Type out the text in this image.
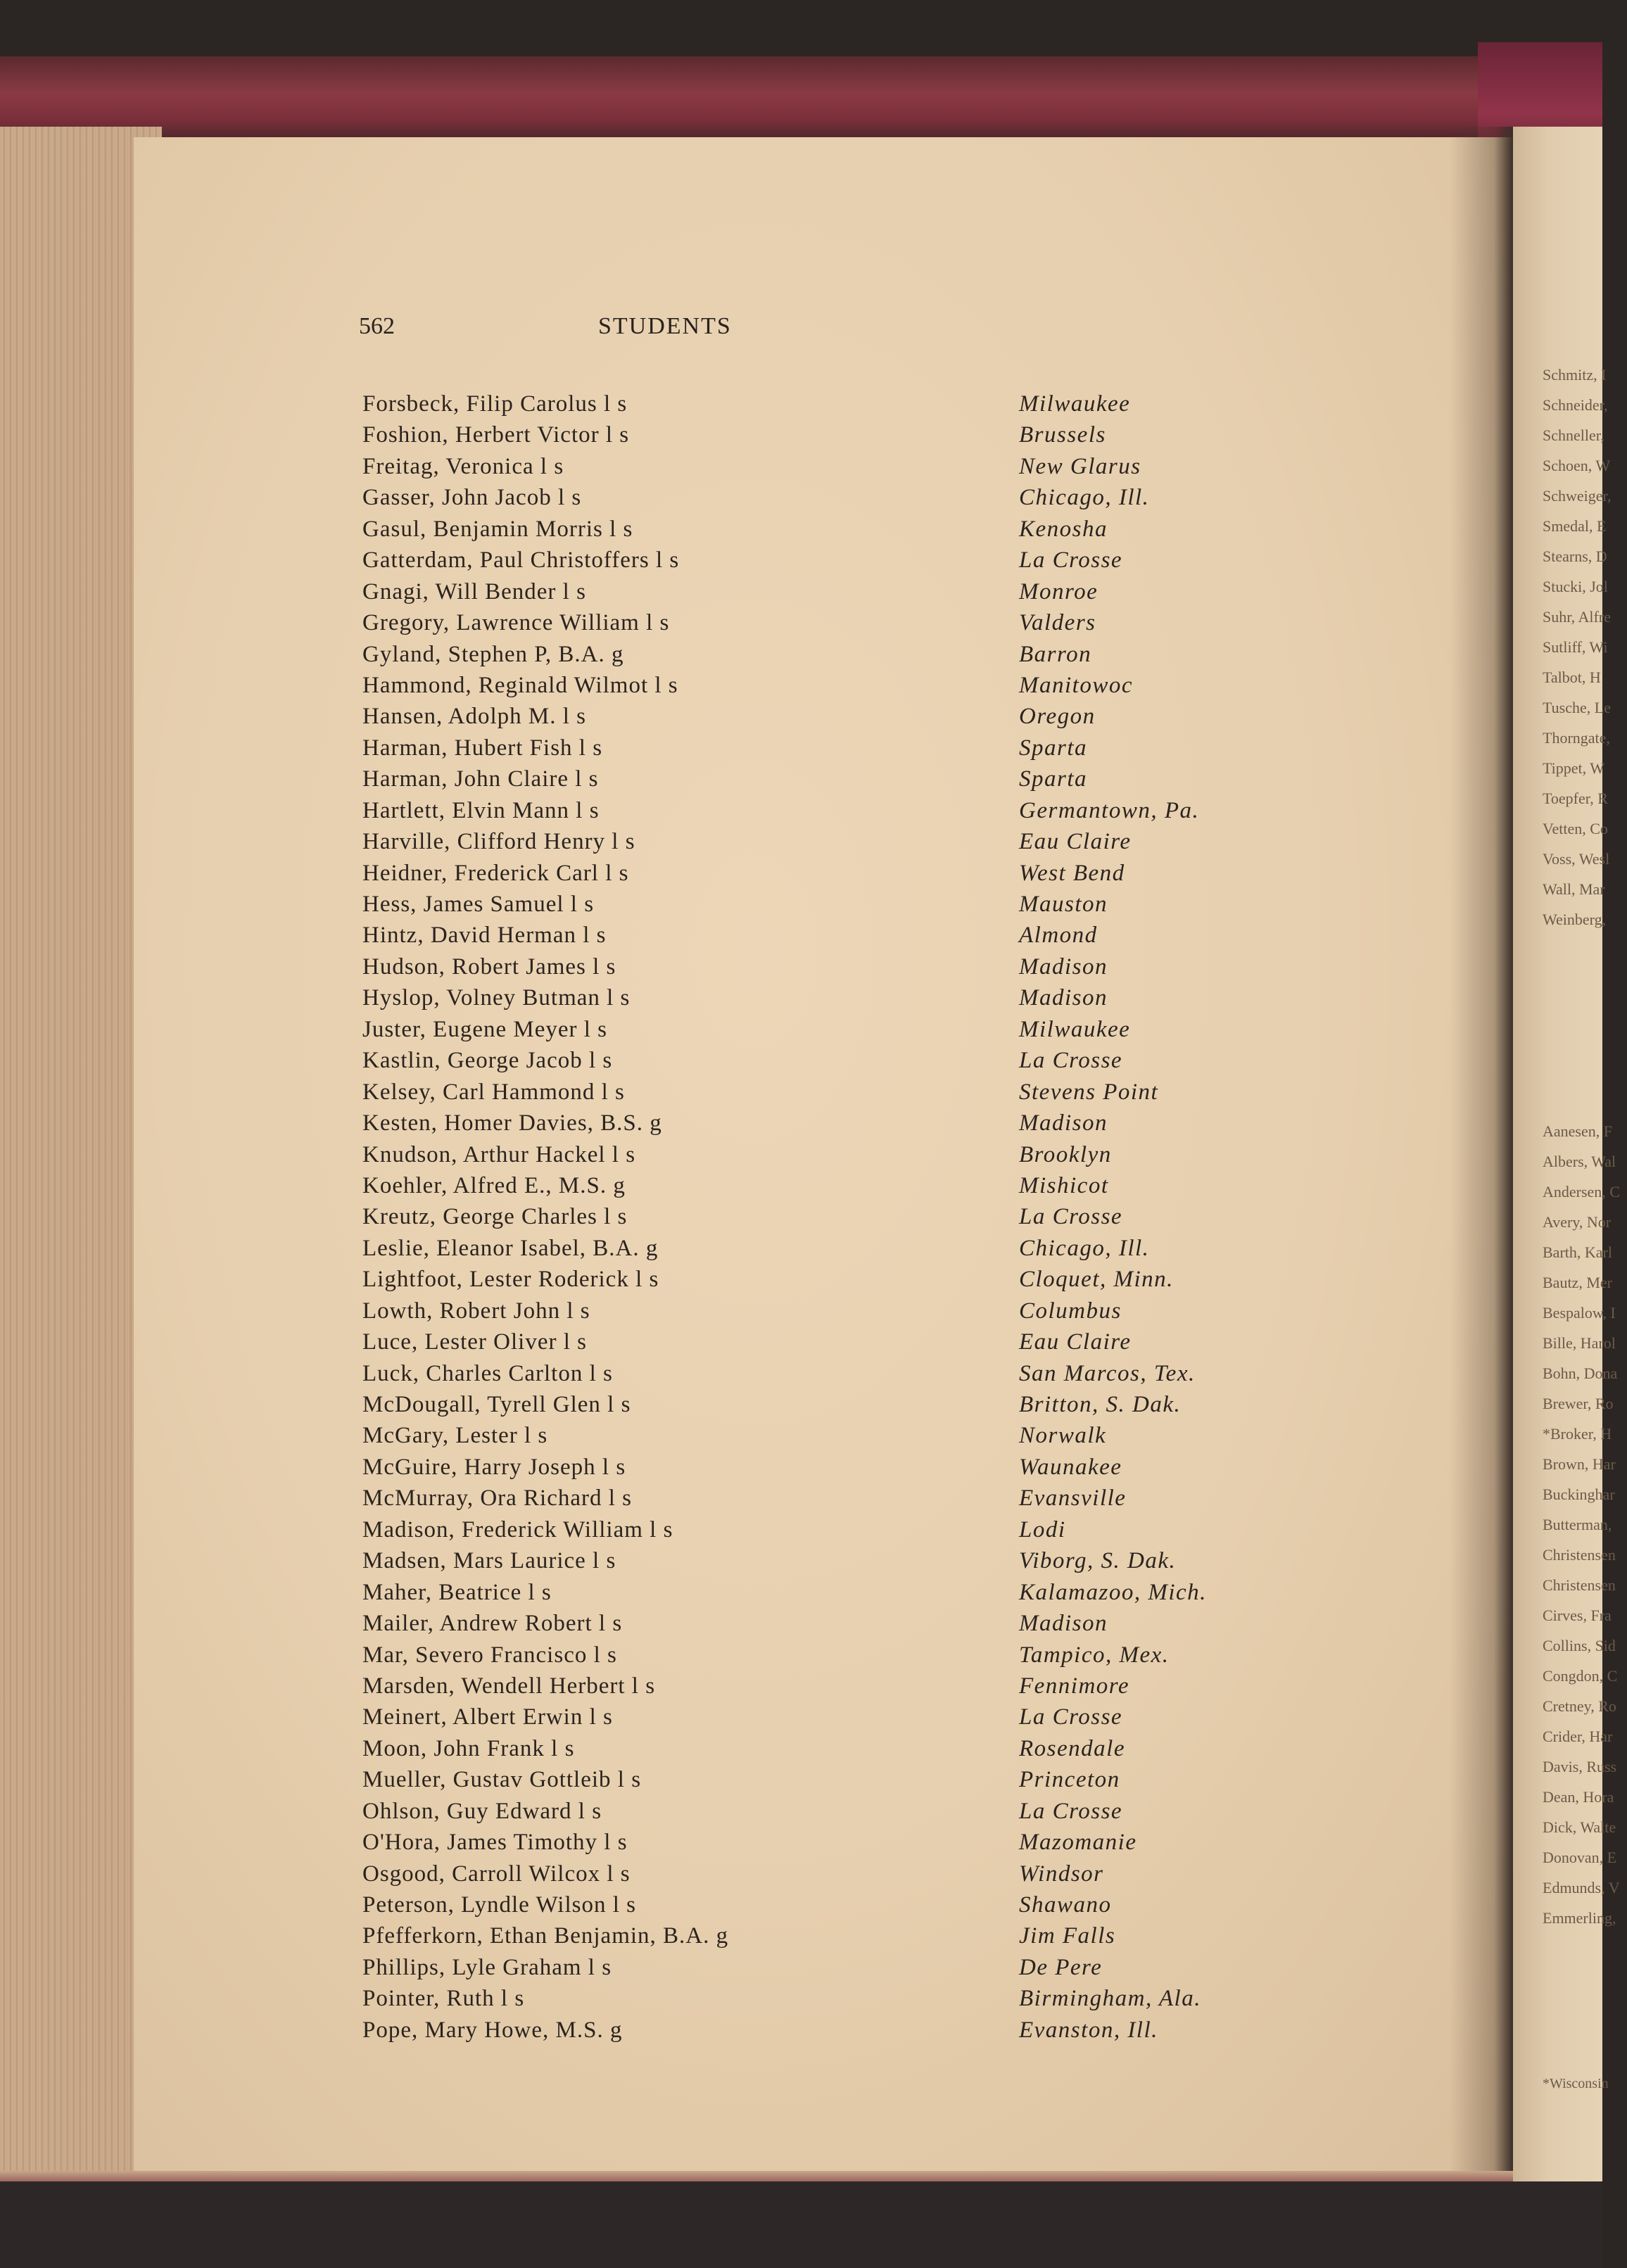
562	STUDENTS
Forsbeck, Filip Carolus l s	Milwaukee
Foshion, Herbert Victor l s	Brussels
Freitag, Veronica l s	New Glarus
Gasser, John Jacob l s	Chicago, Ill.
Gasul, Benjamin Morris l s	Kenosha
Gatterdam, Paul Christoffers l s	La Crosse
Gnagi, Will Bender l s	Monroe
Gregory, Lawrence William l s	Valders
Gyland, Stephen P, B.A. g	Barron
Hammond, Reginald Wilmot l s	Manitowoc
Hansen, Adolph M. l s	Oregon
Harman, Hubert Fish l s	Sparta
Harman, John Claire l s	Sparta
Hartlett, Elvin Mann l s	Germantown, Pa.
Harville, Clifford Henry l s	Eau Claire
Heidner, Frederick Carl l s	West Bend
Hess, James Samuel l s	Mauston
Hintz, David Herman l s	Almond
Hudson, Robert James l s	Madison
Hyslop, Volney Butman l s	Madison
Juster, Eugene Meyer l s	Milwaukee
Kastlin, George Jacob l s	La Crosse
Kelsey, Carl Hammond l s	Stevens Point
Kesten, Homer Davies, B.S. g	Madison
Knudson, Arthur Hackel l s	Brooklyn
Koehler, Alfred E., M.S. g	Mishicot
Kreutz, George Charles l s	La Crosse
Leslie, Eleanor Isabel, B.A. g	Chicago, Ill.
Lightfoot, Lester Roderick l s	Cloquet, Minn.
Lowth, Robert John l s	Columbus
Luce, Lester Oliver l s	Eau Claire
Luck, Charles Carlton l s	San Marcos, Tex.
McDougall, Tyrell Glen l s	Britton, S. Dak.
McGary, Lester l s	Norwalk
McGuire, Harry Joseph l s	Waunakee
McMurray, Ora Richard l s	Evansville
Madison, Frederick William l s	Lodi
Madsen, Mars Laurice l s	Viborg, S. Dak.
Maher, Beatrice l s	Kalamazoo, Mich.
Mailer, Andrew Robert l s	Madison
Mar, Severo Francisco l s	Tampico, Mex.
Marsden, Wendell Herbert l s	Fennimore
Meinert, Albert Erwin l s	La Crosse
Moon, John Frank l s	Rosendale
Mueller, Gustav Gottleib l s	Princeton
Ohlson, Guy Edward l s	La Crosse
O'Hora, James Timothy l s	Mazomanie
Osgood, Carroll Wilcox l s	Windsor
Peterson, Lyndle Wilson l s	Shawano
Pfefferkorn, Ethan Benjamin, B.A. g	Jim Falls
Phillips, Lyle Graham l s	De Pere
Pointer, Ruth l s	Birmingham, Ala.
Pope, Mary Howe, M.S. g	Evanston, Ill.
Schmitz, I
Schneider,
Schneller,
Schoen, W
Schweiger,
Smedal, E
Stearns, D
Stucki, Jol
Suhr, Alfre
Sutliff, Wi
Talbot, H
Tusche, Le
Thorngate,
Tippet, W
Toepfer, R
Vetten, Co
Voss, Wesl
Wall, Mar
Weinberg,
Aanesen, F
Albers, Wal
Andersen, C
Avery, Nor
Barth, Karl
Bautz, Mer
Bespalow, I
Bille, Harol
Bohn, Dona
Brewer, Ro
*Broker, H
Brown, Har
Buckinghar
Butterman,
Christensen
Christensen
Cirves, Fra
Collins, Sid
Congdon, C
Cretney, Ro
Crider, Har
Davis, Russ
Dean, Hora
Dick, Walte
Donovan, E
Edmunds, V
Emmerling,
*Wisconsin
